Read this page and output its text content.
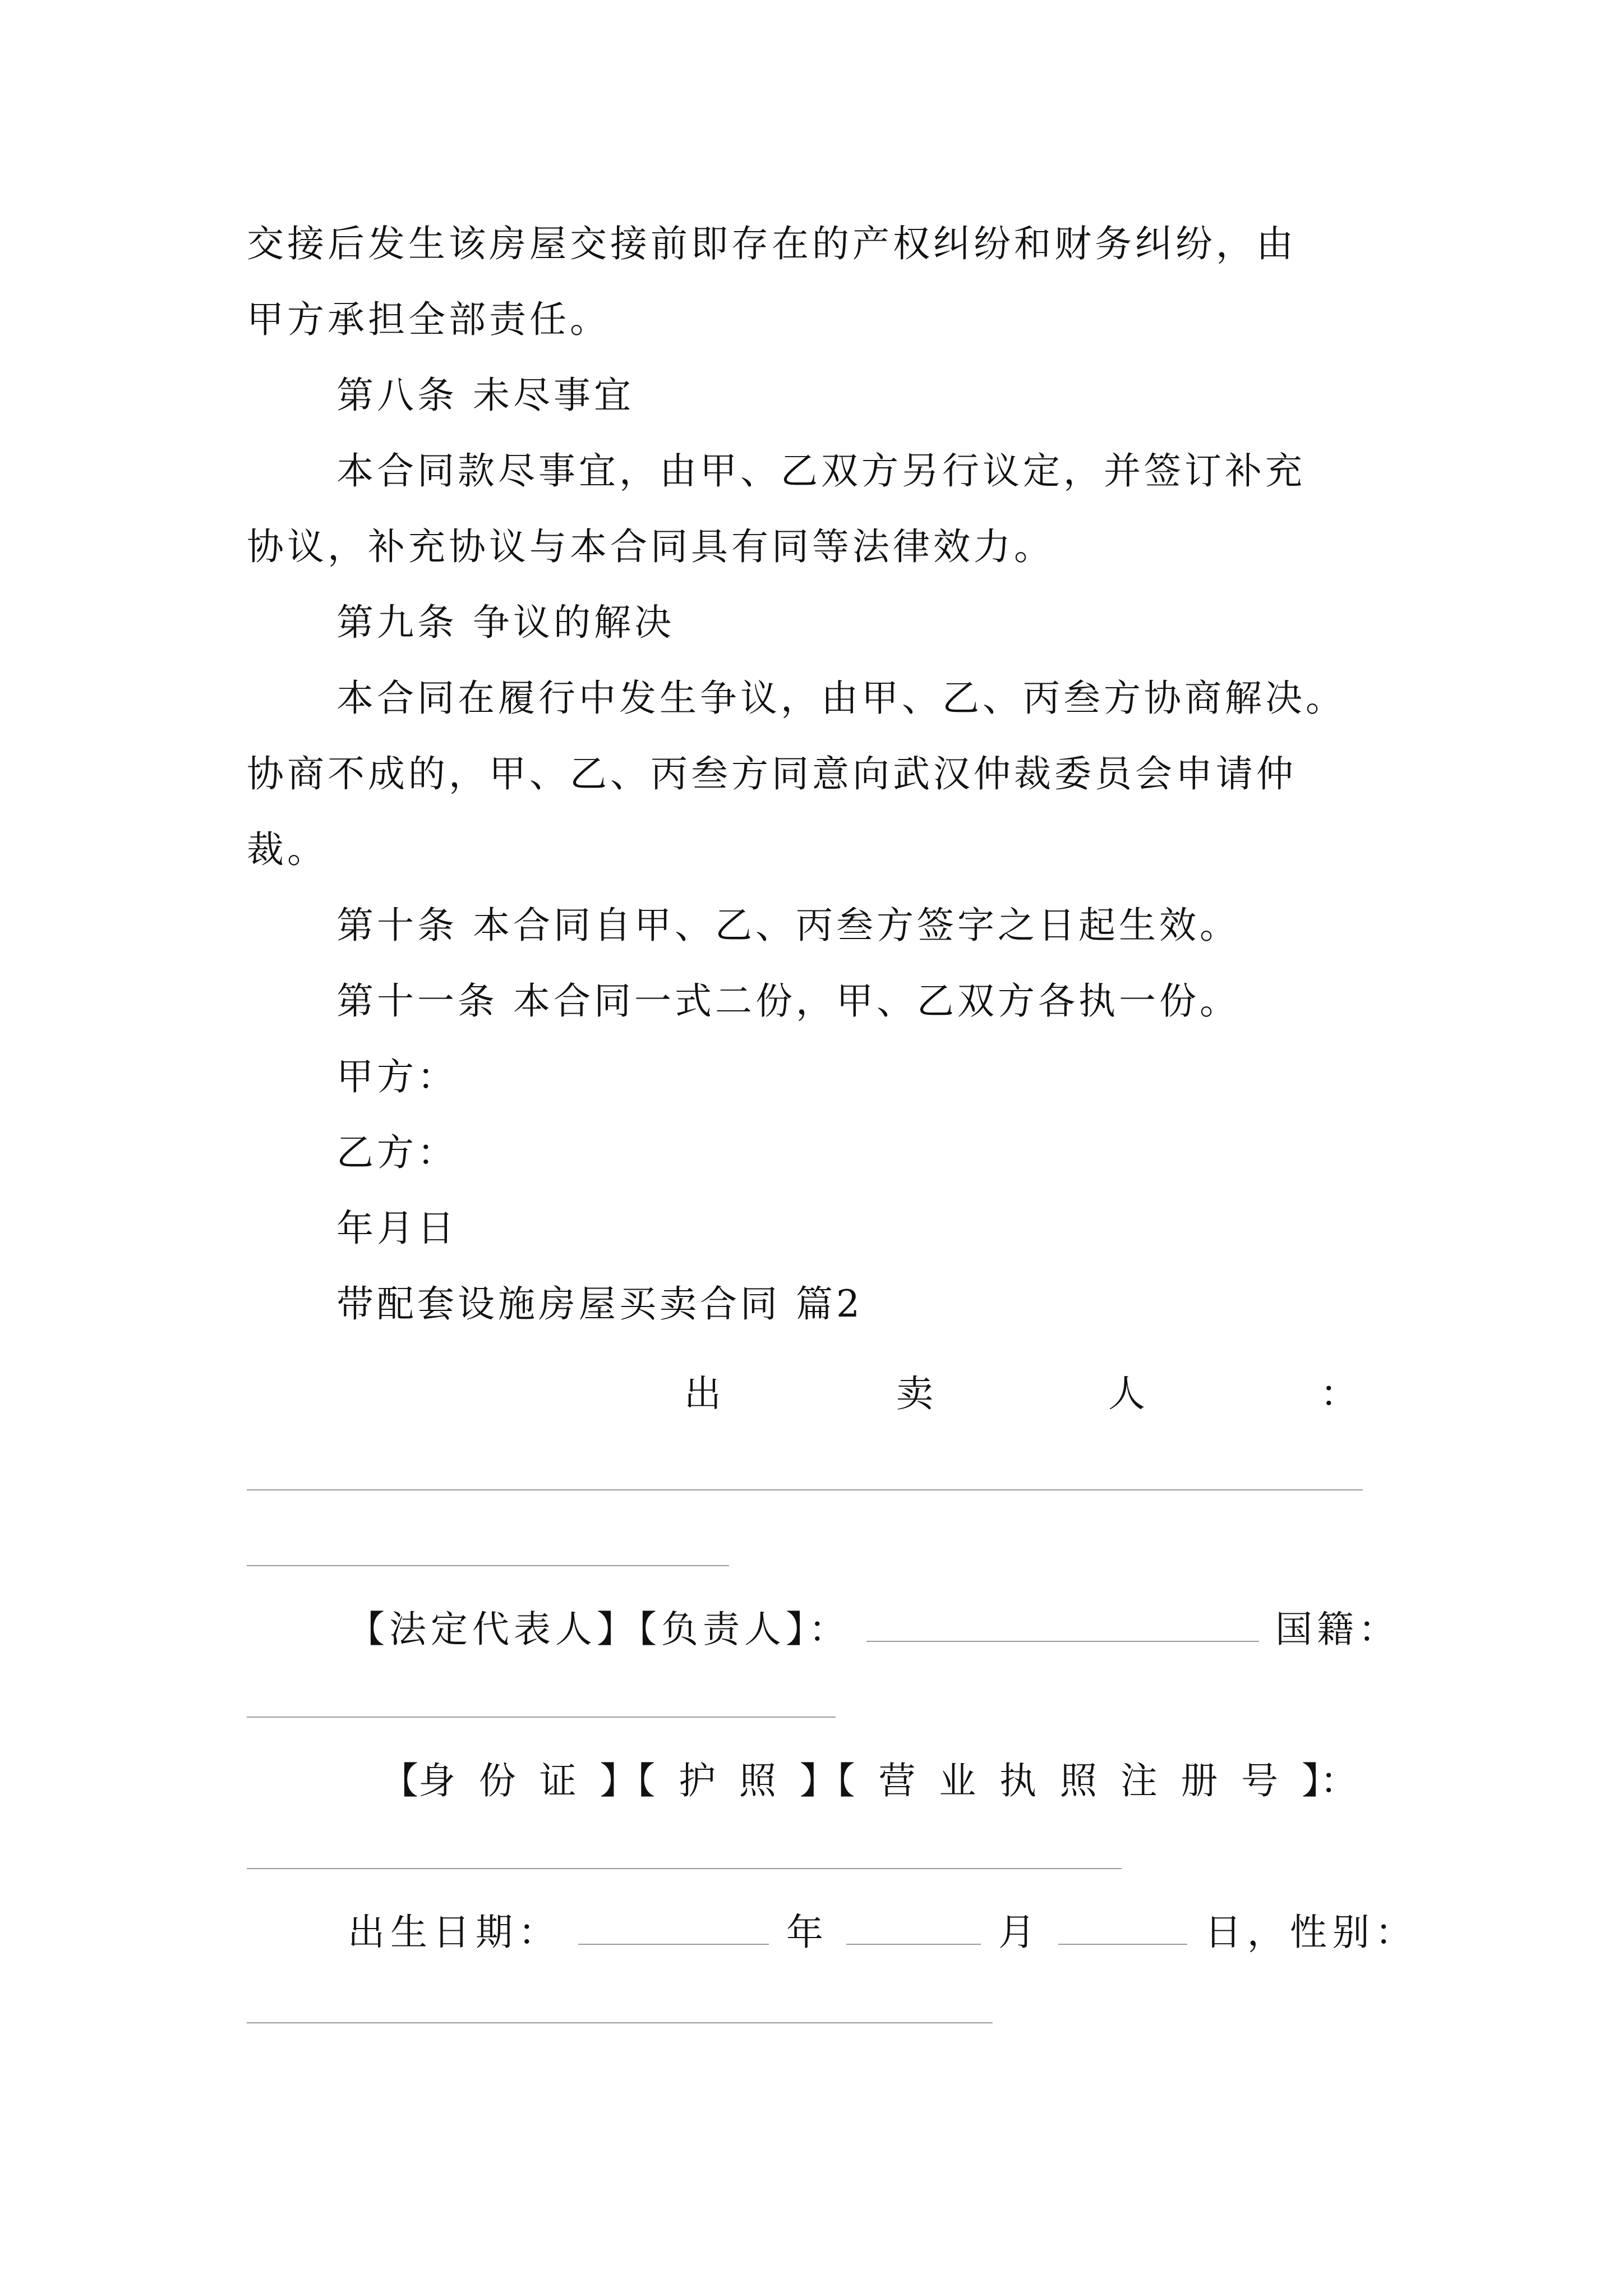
交接后发生该房屋交接前即存在的产权纠纷和财务纠纷，由
甲方承担全部责任。
第八条 未尽事宜
本合同款尽事宜，由甲、乙双方另行议定，并签订补充
协议，补充协议与本合同具有同等法律效力。
第九条 争议的解决
本合同在履行中发生争议，由甲、乙、丙叁方协商解决。
协商不成的，甲、乙、丙叁方同意向武汉仲裁委员会申请仲
裁。
第十条 本合同自甲、乙、丙叁方签字之日起生效。
第十一条 本合同一式二份，甲、乙双方各执一份。
甲方：
乙方：
年月日
带配套设施房屋买卖合同 篇2
出	卖	人	：
【法定代表人】【负责人】：	国籍：
【身 份 证 】【 护 照 】【 营 业 执 照 注 册 号 】：
出生日期：	年	月	日，性别：
